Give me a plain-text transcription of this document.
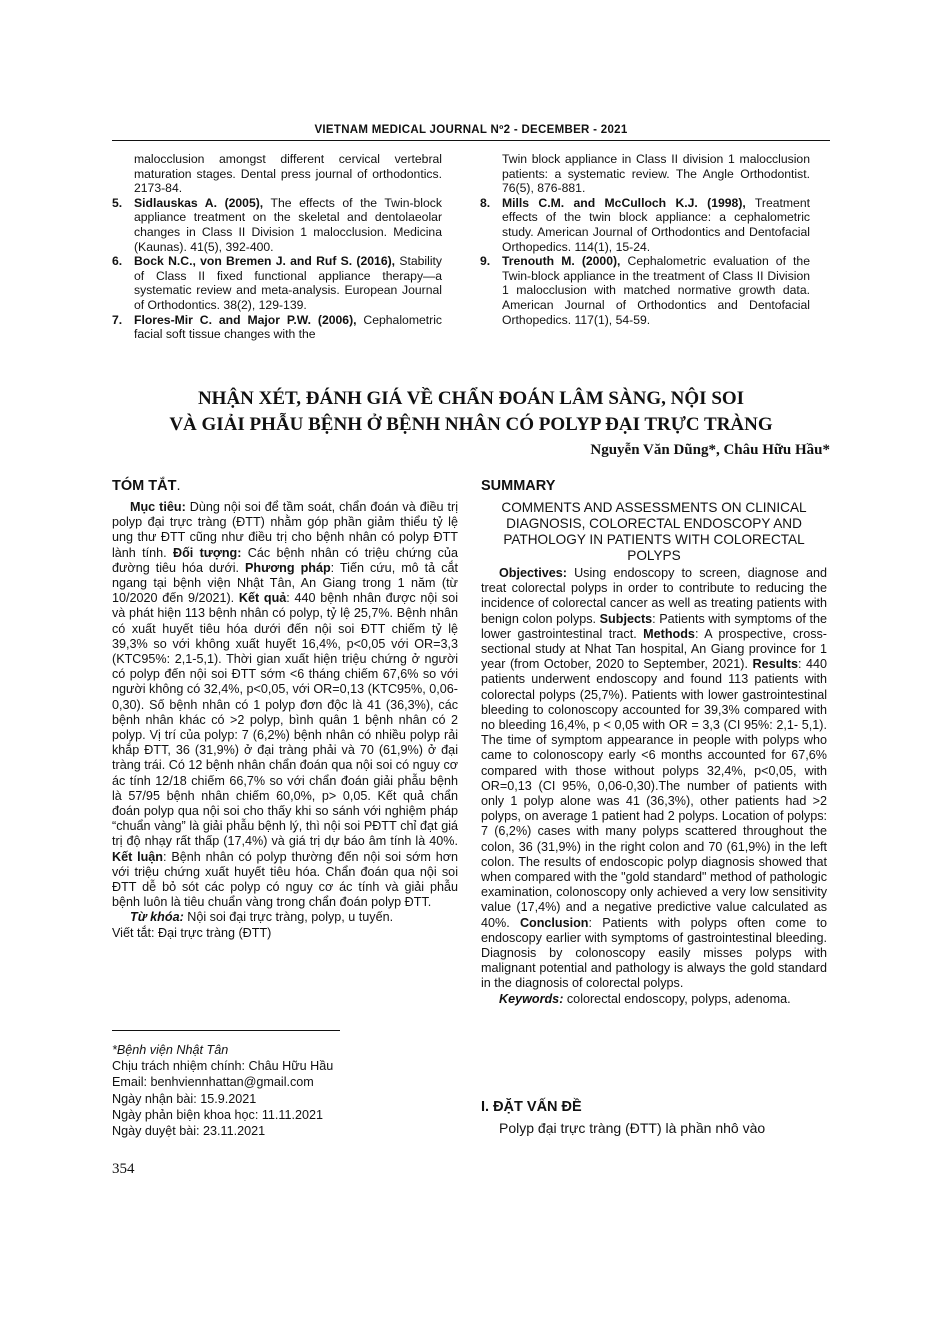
VIETNAM MEDICAL JOURNAL Nº2 - DECEMBER - 2021
malocclusion amongst different cervical vertebral maturation stages. Dental press journal of orthodontics. 2173-84.
5. Sidlauskas A. (2005), The effects of the Twin-block appliance treatment on the skeletal and dentolaeolar changes in Class II Division 1 malocclusion. Medicina (Kaunas). 41(5), 392-400.
6. Bock N.C., von Bremen J. and Ruf S. (2016), Stability of Class II fixed functional appliance therapy—a systematic review and meta-analysis. European Journal of Orthodontics. 38(2), 129-139.
7. Flores-Mir C. and Major P.W. (2006), Cephalometric facial soft tissue changes with the
Twin block appliance in Class II division 1 malocclusion patients: a systematic review. The Angle Orthodontist. 76(5), 876-881.
8. Mills C.M. and McCulloch K.J. (1998), Treatment effects of the twin block appliance: a cephalometric study. American Journal of Orthodontics and Dentofacial Orthopedics. 114(1), 15-24.
9. Trenouth M. (2000), Cephalometric evaluation of the Twin-block appliance in the treatment of Class II Division 1 malocclusion with matched normative growth data. American Journal of Orthodontics and Dentofacial Orthopedics. 117(1), 54-59.
NHẬN XÉT, ĐÁNH GIÁ VỀ CHẨN ĐOÁN LÂM SÀNG, NỘI SOI
VÀ GIẢI PHẪU BỆNH Ở BỆNH NHÂN CÓ POLYP ĐẠI TRỰC TRÀNG
Nguyễn Văn Dũng*, Châu Hữu Hầu*
TÓM TẮT.
Mục tiêu: Dùng nội soi để tầm soát, chẩn đoán và điều trị polyp đại trực tràng (ĐTT) nhằm góp phần giảm thiểu tỷ lệ ung thư ĐTT cũng như điều trị cho bệnh nhân có polyp ĐTT lành tính. Đối tượng: Các bệnh nhân có triệu chứng của đường tiêu hóa dưới. Phương pháp: Tiến cứu, mô tả cắt ngang tại bệnh viện Nhật Tân, An Giang trong 1 năm (từ 10/2020 đến 9/2021). Kết quả: 440 bệnh nhân được nội soi và phát hiện 113 bệnh nhân có polyp, tỷ lệ 25,7%. Bệnh nhân có xuất huyết tiêu hóa dưới đến nội soi ĐTT chiếm tỷ lệ 39,3% so với không xuất huyết 16,4%, p<0,05 với OR=3,3 (KTC95%: 2,1-5,1). Thời gian xuất hiện triệu chứng ở người có polyp đến nội soi ĐTT sớm <6 tháng chiếm 67,6% so với người không có 32,4%, p<0,05, với OR=0,13 (KTC95%, 0,06-0,30). Số bệnh nhân có 1 polyp đơn độc là 41 (36,3%), các bệnh nhân khác có >2 polyp, bình quân 1 bệnh nhân có 2 polyp. Vị trí của polyp: 7 (6,2%) bệnh nhân có nhiều polyp rải khắp ĐTT, 36 (31,9%) ở đại tràng phải và 70 (61,9%) ở đại tràng trái. Có 12 bệnh nhân chẩn đoán qua nội soi có nguy cơ ác tính 12/18 chiếm 66,7% so với chẩn đoán giải phẫu bệnh là 57/95 bệnh nhân chiếm 60,0%, p> 0,05. Kết quả chẩn đoán polyp qua nội soi cho thấy khi so sánh với nghiệm pháp “chuẩn vàng” là giải phẫu bệnh lý, thì nội soi PĐTT chỉ đạt giá trị độ nhạy rất thấp (17,4%) và giá trị dự báo âm tính là 40%. Kết luận: Bệnh nhân có polyp thường đến nội soi sớm hơn với triệu chứng xuất huyết tiêu hóa. Chẩn đoán qua nội soi ĐTT dễ bỏ sót các polyp có nguy cơ ác tính và giải phẫu bệnh luôn là tiêu chuẩn vàng trong chẩn đoán polyp ĐTT.
Từ khóa: Nội soi đại trực tràng, polyp, u tuyến.
Viết tắt: Đại trực tràng (ĐTT)
SUMMARY
COMMENTS AND ASSESSMENTS ON CLINICAL DIAGNOSIS, COLORECTAL ENDOSCOPY AND PATHOLOGY IN PATIENTS WITH COLORECTAL POLYPS
Objectives: Using endoscopy to screen, diagnose and treat colorectal polyps in order to contribute to reducing the incidence of colorectal cancer as well as treating patients with benign colon polyps. Subjects: Patients with symptoms of the lower gastrointestinal tract. Methods: A prospective, cross-sectional study at Nhat Tan hospital, An Giang province for 1 year (from October, 2020 to September, 2021). Results: 440 patients underwent endoscopy and found 113 patients with colorectal polyps (25,7%). Patients with lower gastrointestinal bleeding to colonoscopy accounted for 39,3% compared with no bleeding 16,4%, p < 0,05 with OR = 3,3 (CI 95%: 2,1- 5,1). The time of symptom appearance in people with polyps who came to colonoscopy early <6 months accounted for 67,6% compared with those without polyps 32,4%, p<0,05, with OR=0,13 (CI 95%, 0,06-0,30).The number of patients with only 1 polyp alone was 41 (36,3%), other patients had >2 polyps, on average 1 patient had 2 polyps. Location of polyps: 7 (6,2%) cases with many polyps scattered throughout the colon, 36 (31,9%) in the right colon and 70 (61,9%) in the left colon. The results of endoscopic polyp diagnosis showed that when compared with the "gold standard" method of pathologic examination, colonoscopy only achieved a very low sensitivity value (17,4%) and a negative predictive value calculated as 40%. Conclusion: Patients with polyps often come to endoscopy earlier with symptoms of gastrointestinal bleeding. Diagnosis by colonoscopy easily misses polyps with malignant potential and pathology is always the gold standard in the diagnosis of colorectal polyps.
Keywords: colorectal endoscopy, polyps, adenoma.
*Bệnh viện Nhật Tân
Chịu trách nhiệm chính: Châu Hữu Hầu
Email: benhviennhattan@gmail.com
Ngày nhận bài: 15.9.2021
Ngày phản biện khoa học: 11.11.2021
Ngày duyệt bài: 23.11.2021
I. ĐẶT VẤN ĐỀ
Polyp đại trực tràng (ĐTT) là phần nhô vào
354
